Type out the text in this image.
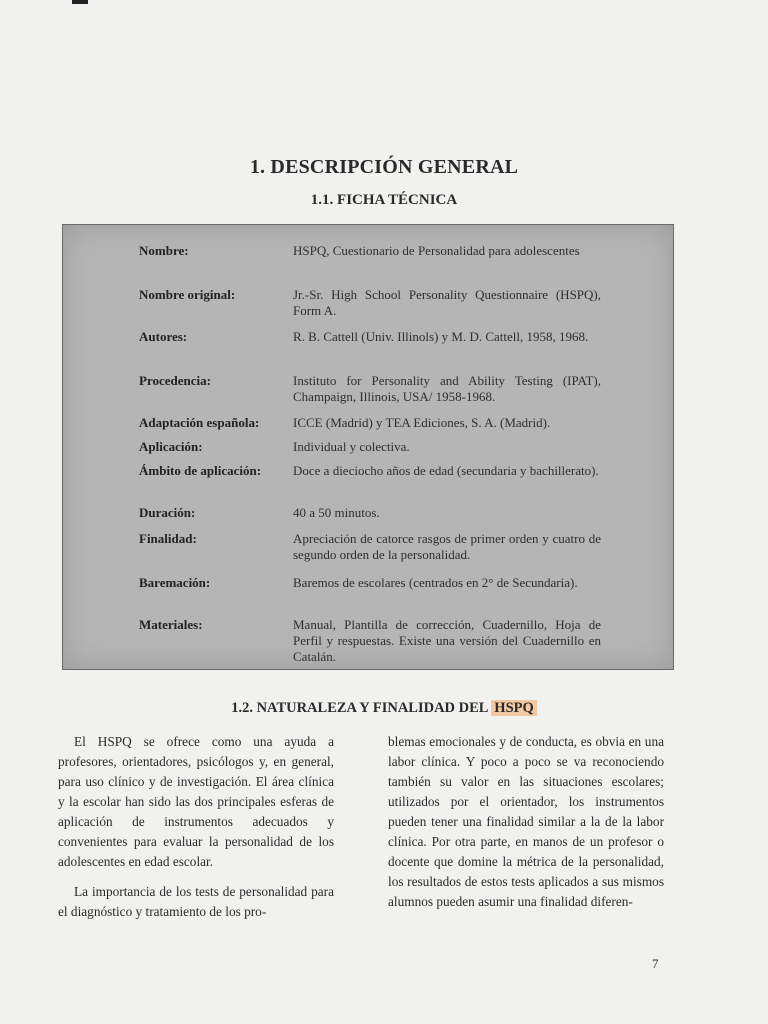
1. DESCRIPCIÓN GENERAL
1.1. FICHA TÉCNICA
Nombre:	HSPQ, Cuestionario de Personalidad para adolescentes
Nombre original:	Jr.-Sr. High School Personality Questionnaire (HSPQ), Form A.
Autores:	R. B. Cattell (Univ. Illinols) y M. D. Cattell, 1958, 1968.
Procedencia:	Instituto for Personality and Ability Testing (IPAT), Champaign, Illinois, USA/ 1958-1968.
Adaptación española:	ICCE (Madrid) y TEA Ediciones, S. A. (Madrid).
Aplicación:	Individual y colectiva.
Ámbito de aplicación: Doce a dieciocho años de edad (secundaria y bachillerato).
Duración:	40 a 50 minutos.
Finalidad:	Apreciación de catorce rasgos de primer orden y cuatro de segundo orden de la personalidad.
Baremación:	Baremos de escolares (centrados en 2° de Secundaria).
Materiales:	Manual, Plantilla de corrección, Cuadernillo, Hoja de Perfil y respuestas. Existe una versión del Cuadernillo en Catalán.
1.2. NATURALEZA Y FINALIDAD DEL HSPQ

El HSPQ se ofrece como una ayuda a profesores, orientadores, psicólogos y, en general, para uso clínico y de investigación. El área clínica y la escolar han sido las dos principales esferas de aplicación de instrumentos adecuados y convenientes para evaluar la personalidad de los adolescentes en edad escolar.

La importancia de los tests de personalidad para el diagnóstico y tratamiento de los pro-

blemas emocionales y de conducta, es obvia en una labor clínica. Y poco a poco se va reconociendo también su valor en las situaciones escolares; utilizados por el orientador, los instrumentos pueden tener una finalidad similar a la de la labor clínica. Por otra parte, en manos de un profesor o docente que domine la métrica de la personalidad, los resultados de estos tests aplicados a sus mismos alumnos pueden asumir una finalidad diferen-

7
